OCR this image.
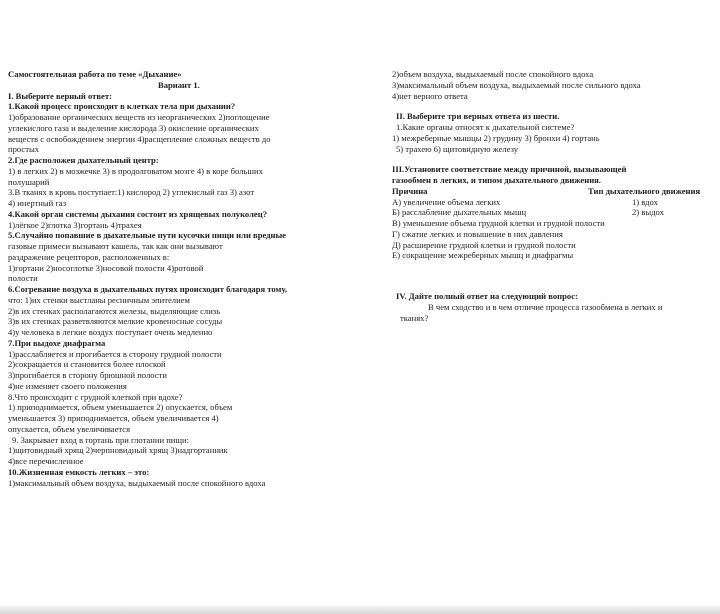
Самостоятельная работа по теме «Дыхание»
Вариант 1.
I. Выберите верный ответ:
1.Какой процесс происходит в клетках тела при дыхании?
1)образование органических веществ из неорганических 2)поглощение
углекислого газа и выделение кислорода 3) окисление органических
веществ с освобождением энергии 4)расщепление сложных веществ до
простых
2.Где расположен дыхательный центр:
1) в легких 2) в мозжечке 3) в продолговатом мозге 4) в коре больших
полушарий
3.В тканях в кровь поступает:1) кислород 2) углекислый газ 3) азот
4) инертный газ
4.Какой орган системы дыхания состоит из хрящевых полуколец?
1)лёгкое 2)глотка 3)гортань 4)трахея
5.Случайно попавшие в дыхательные пути кусочки пищи или вредные
газовые примеси вызывают кашель, так как они вызывают
раздражение рецепторов, расположенных в:
1)гортани 2)носоглотке 3)носовой полости 4)ротовой
полости
6.Согревание воздуха в дыхательных путях происходит благодаря тому,
что: 1)их стенки выстланы ресничным эпителием
2)в их стенках располагаются железы, выделяющие слизь
3)в их стенках разветвляются мелкие кровеносные сосуды
4)у человека в легкие воздух поступает очень медленно
7.При выдохе диафрагма
1)расслабляется и прогибается в сторону грудной полости
2)сокращается и становится более плоской
3)прогибается в сторону брюшной полости
4)не изменяет своего положения
8.Что происходит с грудной клеткой при вдохе?
1) приподнимается, объем уменьшается 2) опускается, объем
уменьшается 3) приподнимается, объем увеличивается 4)
опускается, объем увеличивается
9. Закрывает вход в гортань при глотании пищи:
1)щитовидный хрящ 2)черпновидный хрящ 3)надгортанник
4)все перечисленное
10.Жизненная емкость легких – это:
1)максимальный объем воздуха, выдыхаемый после спокойного вдоха
2)объем воздуха, выдыхаемый после спокойного вдоха
3)максимальный объем воздуха, выдыхаемый после сильного вдоха
4)нет верного ответа
II. Выберите три верных ответа из шести.
1.Какие органы относят к дыхательной системе?
1) межреберные мышцы 2) грудину 3) бронхи 4) гортань
5) трахею 6) щитовидную железу
III.Установите соответствие между причиной, вызывающей
газообмен в легких, и типом дыхательного движения.
Причина	Тип дыхательного движения
А) увеличение объема легких	1) вдох
Б) расслабление дыхательных мышц	2) выдох
В) уменьшение объема грудной клетки и грудной полости
Г) сжатие легких и повышение в них давления
Д) расширение грудной клетки и грудной полости
Е) сокращение межреберных мышц и диафрагмы
IV. Дайте полный ответ на следующий вопрос:
В чем сходство и в чем отличие процесса газообмена в легких и
тканях?
